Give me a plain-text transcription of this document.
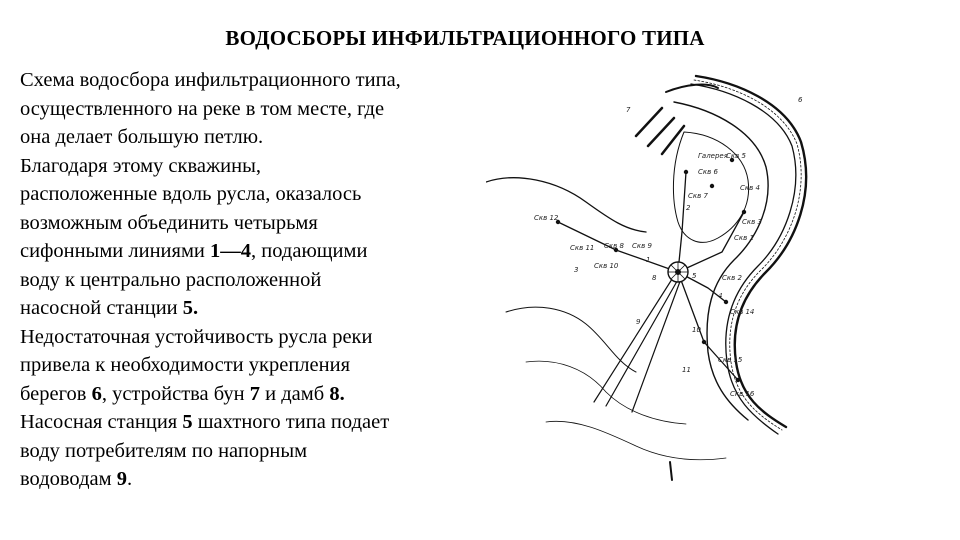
ВОДОСБОРЫ ИНФИЛЬТРАЦИОННОГО ТИПА
Схема водосбора инфильтрационного типа,
осуществленного на реке в том месте, где
она делает большую петлю.
Благодаря этому скважины,
расположенные вдоль русла, оказалось
возможным объединить четырьмя
сифонными линиями 1—4, подающими
воду к центрально расположенной
насосной станции 5.
Недостаточная устойчивость русла реки
привела к необходимости укрепления
берегов 6, устройства бун 7 и дамб 8.
Насосная станция 5 шахтного типа подает
воду потребителям по напорным
водоводам 9.
Галерея
Скв 5
Скв 6
Скв 4
Скв 7
Скв 3
Скв 1
Скв 12
Скв 11 Скв 8 Скв 9
Скв 10
Скв 2
Скв 14
Скв 15
Скв 16
7
6
2
3
1
4
5
8
9
10
11
